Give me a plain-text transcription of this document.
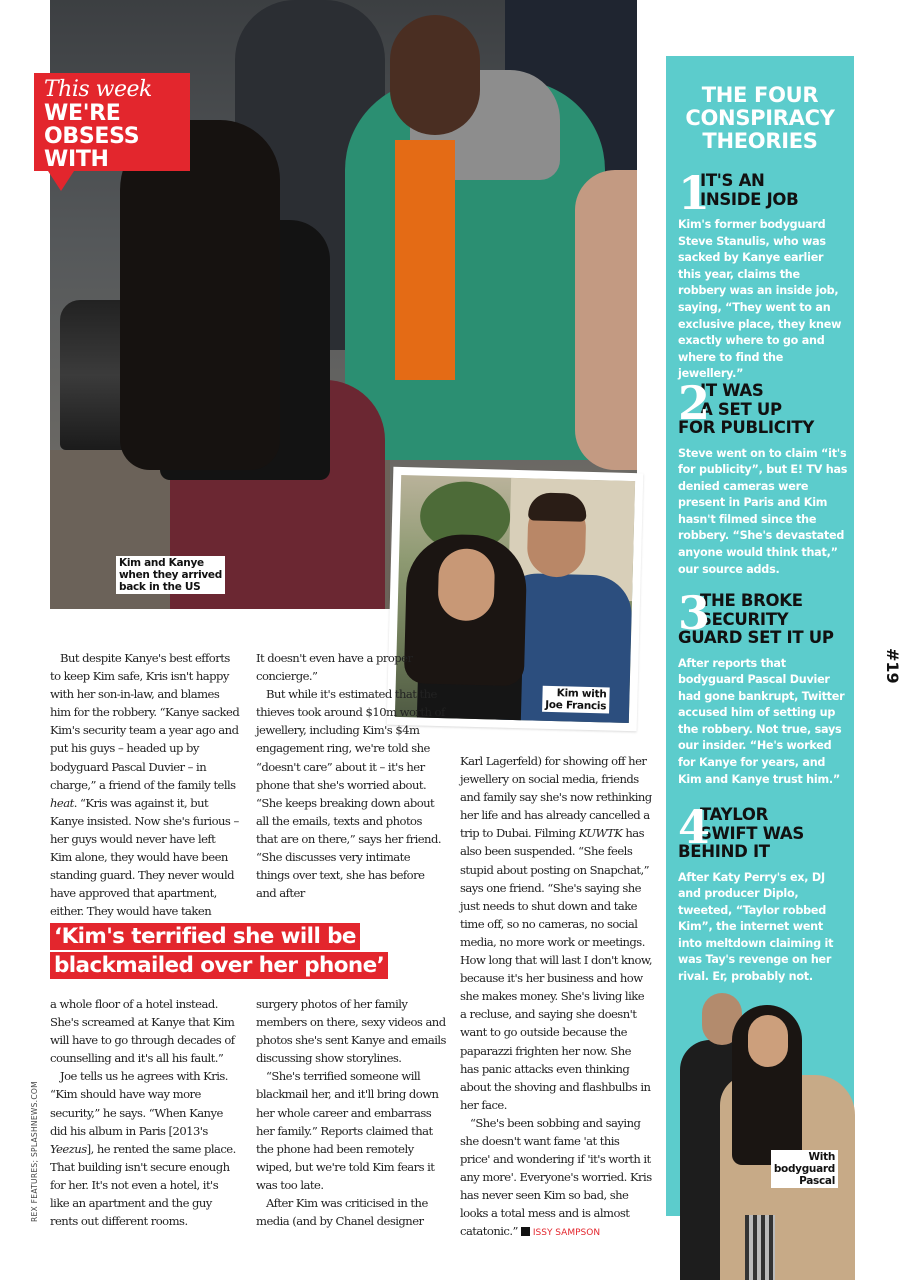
Kim and Kanye
when they arrived
back in the US
This week
WE'RE
OBSESS
WITH
Kim with
Joe Francis

But despite Kanye's best efforts to keep Kim safe, Kris isn't happy with her son-in-law, and blames him for the robbery. “Kanye sacked Kim's security team a year ago and put his guys – headed up by bodyguard Pascal Duvier – in charge,” a friend of the family tells heat. “Kris was against it, but Kanye insisted. Now she's furious – her guys would never have left Kim alone, they would have been standing guard. They never would have approved that apartment, either. They would have taken

It doesn't even have a proper concierge.”

But while it's estimated that the thieves took around $10m worth of jewellery, including Kim's $4m engagement ring, we're told she “doesn't care” about it – it's her phone that she's worried about. “She keeps breaking down about all the emails, texts and photos that are on there,” says her friend. “She discusses very intimate things over text, she has before and after

Karl Lagerfeld) for showing off her jewellery on social media, friends and family say she's now rethinking her life and has already cancelled a trip to Dubai. Filming KUWTK has also been suspended. “She feels stupid about posting on Snapchat,” says one friend. “She's saying she just needs to shut down and take time off, so no cameras, no social media, no more work or meetings. How long that will last I don't know, because it's her business and how she makes money. She's living like a recluse, and saying she doesn't want to go outside because the paparazzi frighten her now. She has panic attacks even thinking about the shoving and flashbulbs in her face.

“She's been sobbing and saying she doesn't want fame 'at this price' and wondering if 'it's worth it any more'. Everyone's worried. Kris has never seen Kim so bad, she looks a total mess and is almost catatonic.” ISSY SAMPSON

‘Kim's terrified she will be blackmailed over her phone’

a whole floor of a hotel instead. She's screamed at Kanye that Kim will have to go through decades of counselling and it's all his fault.”

Joe tells us he agrees with Kris. “Kim should have way more security,” he says. “When Kanye did his album in Paris [2013's Yeezus], he rented the same place. That building isn't secure enough for her. It's not even a hotel, it's like an apartment and the guy rents out different rooms.

surgery photos of her family members on there, sexy videos and photos she's sent Kanye and emails discussing show storylines.

“She's terrified someone will blackmail her, and it'll bring down her whole career and embarrass her family.” Reports claimed that the phone had been remotely wiped, but we're told Kim fears it was too late.

After Kim was criticised in the media (and by Chanel designer

THE FOUR
CONSPIRACY
THEORIES
1
IT'S AN
INSIDE JOB
Kim's former bodyguard Steve Stanulis, who was sacked by Kanye earlier this year, claims the robbery was an inside job, saying, “They went to an exclusive place, they knew exactly where to go and where to find the jewellery.”
2
IT WAS
A SET UP
FOR PUBLICITY
Steve went on to claim “it's for publicity”, but E! TV has denied cameras were present in Paris and Kim hasn't filmed since the robbery. “She's devastated anyone would think that,” our source adds.
3
THE BROKE
SECURITY
GUARD SET IT UP
After reports that bodyguard Pascal Duvier had gone bankrupt, Twitter accused him of setting up the robbery. Not true, says our insider. “He's worked for Kanye for years, and Kim and Kanye trust him.”
4
TAYLOR
SWIFT WAS
BEHIND IT
After Katy Perry's ex, DJ and producer Diplo, tweeted, “Taylor robbed Kim”, the internet went into meltdown claiming it was Tay's revenge on her rival. Er, probably not.
With
bodyguard
Pascal
#19
REX FEATURES; SPLASHNEWS.COM
